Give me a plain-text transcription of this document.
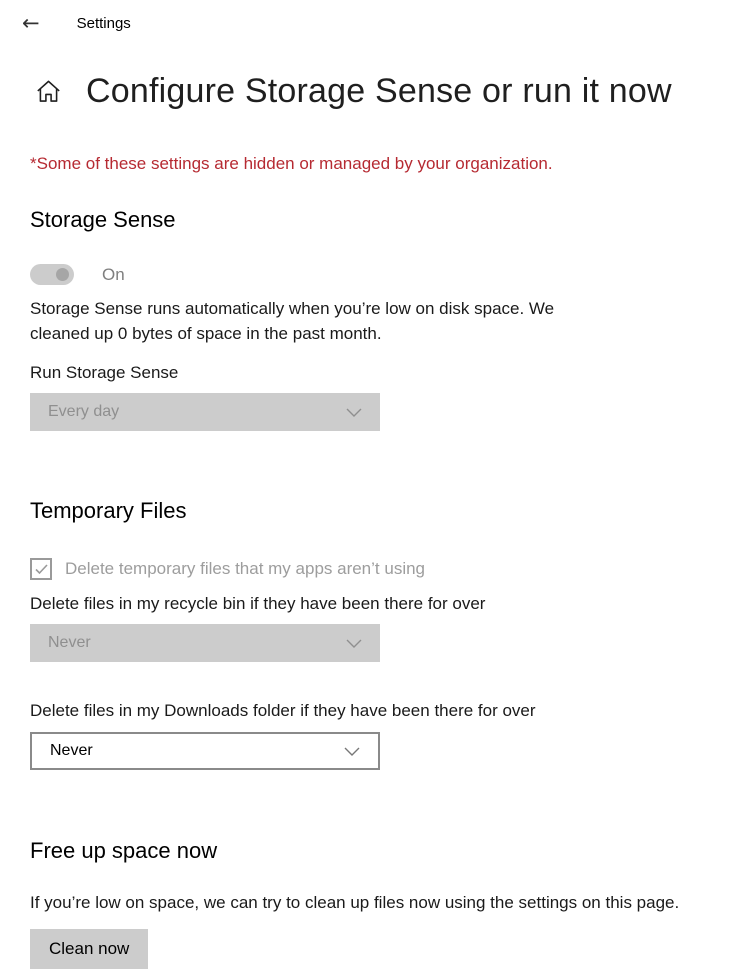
← Settings
Configure Storage Sense or run it now
*Some of these settings are hidden or managed by your organization.
Storage Sense
On

Storage Sense runs automatically when you’re low on disk space. We cleaned up 0 bytes of space in the past month.

Run Storage Sense
Every day
Temporary Files
Delete temporary files that my apps aren’t using
Delete files in my recycle bin if they have been there for over
Never
Delete files in my Downloads folder if they have been there for over
Never
Free up space now

If you’re low on space, we can try to clean up files now using the settings on this page.

Clean now
